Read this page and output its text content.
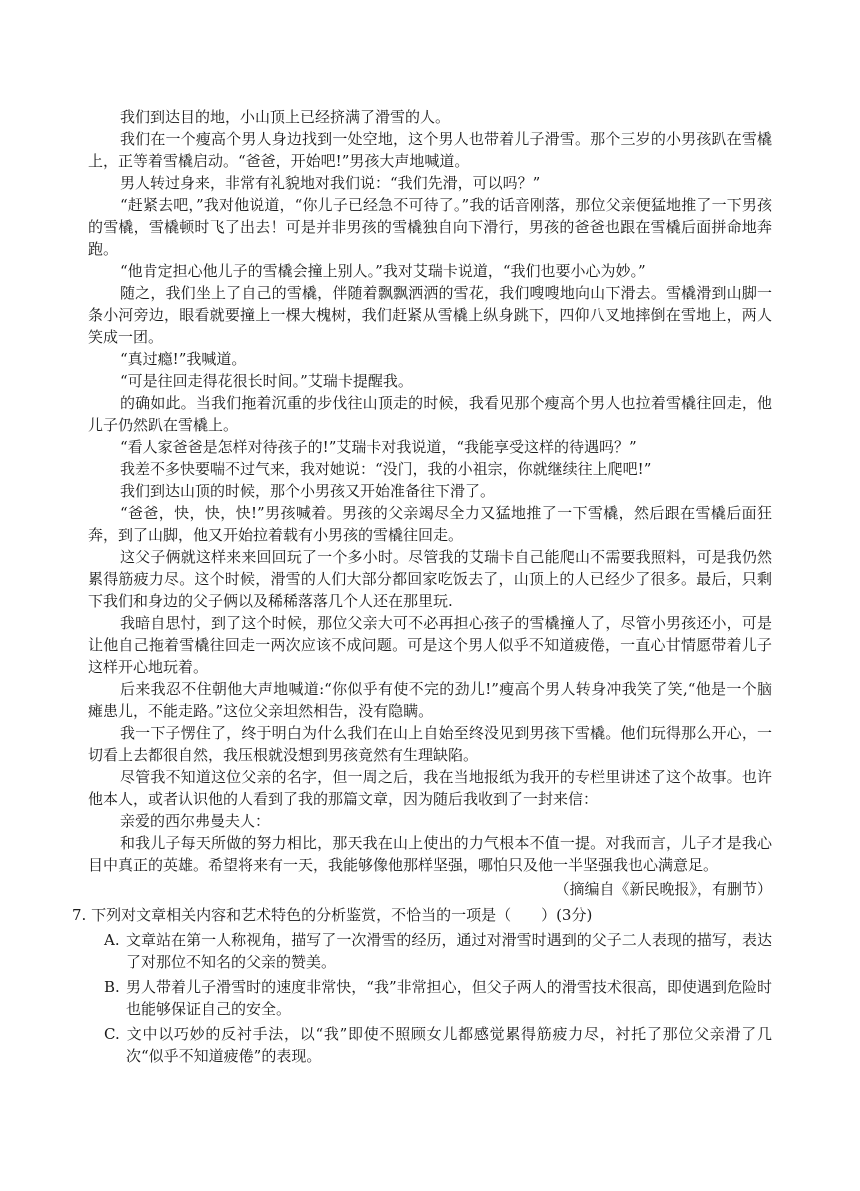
我们到达目的地，小山顶上已经挤满了滑雪的人。

我们在一个瘦高个男人身边找到一处空地，这个男人也带着儿子滑雪。那个三岁的小男孩趴在雪橇上，正等着雪橇启动。“爸爸，开始吧!”男孩大声地喊道。

男人转过身来，非常有礼貌地对我们说：“我们先滑，可以吗？”

“赶紧去吧，”我对他说道，“你儿子已经急不可待了。”我的话音刚落，那位父亲便猛地推了一下男孩的雪橇，雪橇顿时飞了出去！可是并非男孩的雪橇独自向下滑行，男孩的爸爸也跟在雪橇后面拼命地奔跑。

“他肯定担心他儿子的雪橇会撞上别人。”我对艾瑞卡说道，“我们也要小心为妙。”

随之，我们坐上了自己的雪橇，伴随着飘飘洒洒的雪花，我们嗖嗖地向山下滑去。雪橇滑到山脚一条小河旁边，眼看就要撞上一棵大槐树，我们赶紧从雪橇上纵身跳下，四仰八叉地摔倒在雪地上，两人笑成一团。

“真过瘾!”我喊道。

“可是往回走得花很长时间。”艾瑞卡提醒我。

的确如此。当我们拖着沉重的步伐往山顶走的时候，我看见那个瘦高个男人也拉着雪橇往回走，他儿子仍然趴在雪橇上。

“看人家爸爸是怎样对待孩子的!”艾瑞卡对我说道，“我能享受这样的待遇吗？”

我差不多快要喘不过气来，我对她说：“没门，我的小祖宗，你就继续往上爬吧!”

我们到达山顶的时候，那个小男孩又开始准备往下滑了。

“爸爸，快，快，快!”男孩喊着。男孩的父亲竭尽全力又猛地推了一下雪橇，然后跟在雪橇后面狂奔，到了山脚，他又开始拉着载有小男孩的雪橇往回走。

这父子俩就这样来来回回玩了一个多小时。尽管我的艾瑞卡自己能爬山不需要我照料，可是我仍然累得筋疲力尽。这个时候，滑雪的人们大部分都回家吃饭去了，山顶上的人已经少了很多。最后，只剩下我们和身边的父子俩以及稀稀落落几个人还在那里玩.

我暗自思忖，到了这个时候，那位父亲大可不必再担心孩子的雪橇撞人了，尽管小男孩还小，可是让他自己拖着雪橇往回走一两次应该不成问题。可是这个男人似乎不知道疲倦，一直心甘情愿带着儿子这样开心地玩着。

后来我忍不住朝他大声地喊道:“你似乎有使不完的劲儿!”瘦高个男人转身冲我笑了笑,“他是一个脑瘫患儿，不能走路。”这位父亲坦然相告，没有隐瞒。

我一下子愣住了，终于明白为什么我们在山上自始至终没见到男孩下雪橇。他们玩得那么开心，一切看上去都很自然，我压根就没想到男孩竟然有生理缺陷。

尽管我不知道这位父亲的名字，但一周之后，我在当地报纸为我开的专栏里讲述了这个故事。也许他本人，或者认识他的人看到了我的那篇文章，因为随后我收到了一封来信：

亲爱的西尔弗曼夫人：

和我儿子每天所做的努力相比，那天我在山上使出的力气根本不值一提。对我而言，儿子才是我心目中真正的英雄。希望将来有一天，我能够像他那样坚强，哪怕只及他一半坚强我也心满意足。

（摘编自《新民晚报》，有删节）

7. 下列对文章相关内容和艺术特色的分析鉴赏，不恰当的一项是（　　）(3分)

A. 文章站在第一人称视角，描写了一次滑雪的经历，通过对滑雪时遇到的父子二人表现的描写，表达了对那位不知名的父亲的赞美。

B. 男人带着儿子滑雪时的速度非常快，“我”非常担心，但父子两人的滑雪技术很高，即使遇到危险时也能够保证自己的安全。

C. 文中以巧妙的反衬手法，以“我”即使不照顾女儿都感觉累得筋疲力尽，衬托了那位父亲滑了几次“似乎不知道疲倦”的表现。
